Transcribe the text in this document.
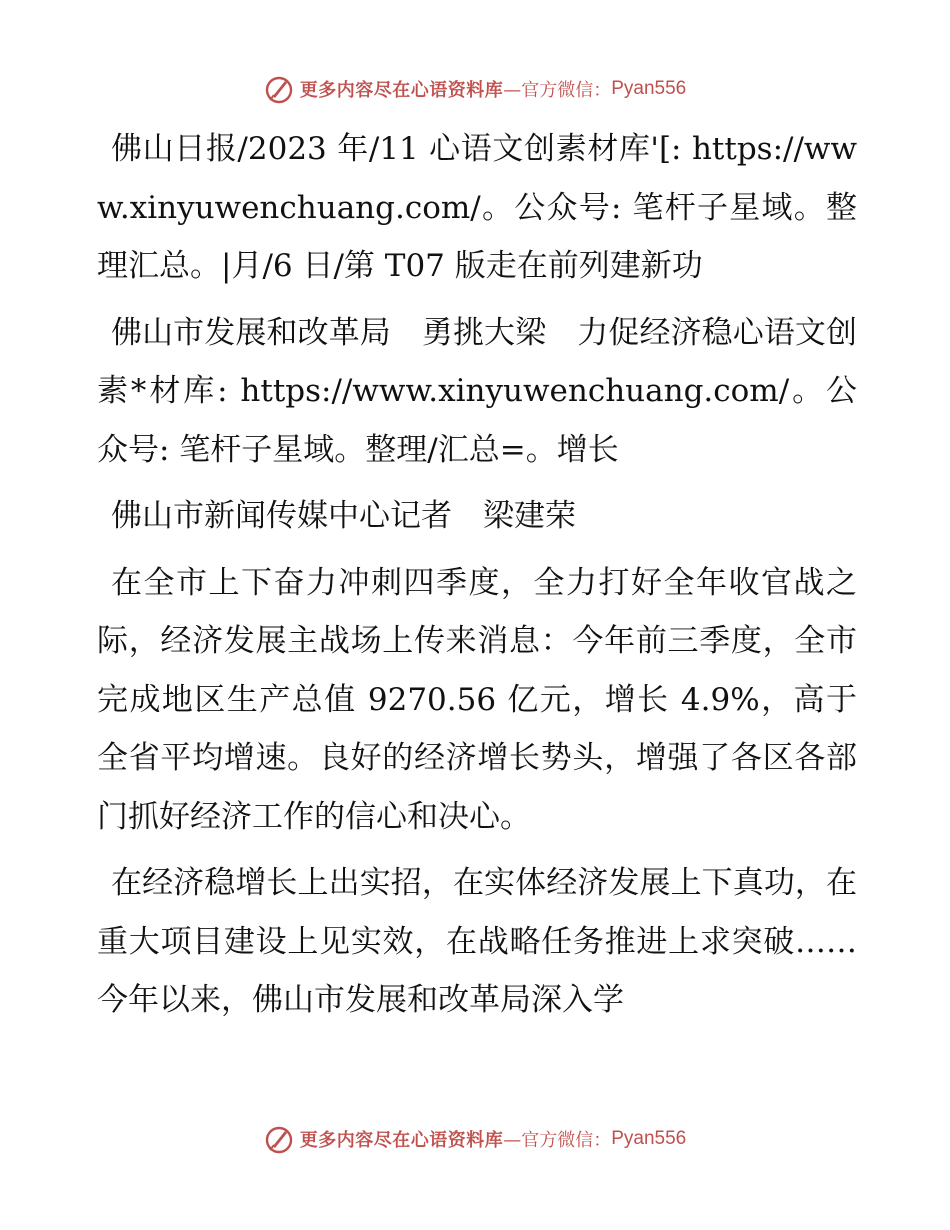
更多内容尽在心语资料库 —官方微信： Pyan556

佛山日报/2023 年/11 心语文创素材库'[: https://www.xinyuwenchuang.com/。公众号: 笔杆子星域。整理汇总。|月/6 日/第 T07 版走在前列建新功

佛山市发展和改革局　勇挑大梁　力促经济稳心语文创素*材库: https://www.xinyuwenchuang.com/。公众号: 笔杆子星域。整理/汇总=。增长

佛山市新闻传媒中心记者　梁建荣

在全市上下奋力冲刺四季度，全力打好全年收官战之际，经济发展主战场上传来消息：今年前三季度，全市完成地区生产总值 9270.56 亿元，增长 4.9%，高于全省平均增速。良好的经济增长势头，增强了各区各部门抓好经济工作的信心和决心。

在经济稳增长上出实招，在实体经济发展上下真功，在重大项目建设上见实效，在战略任务推进上求突破……今年以来，佛山市发展和改革局深入学

更多内容尽在心语资料库 —官方微信： Pyan556
